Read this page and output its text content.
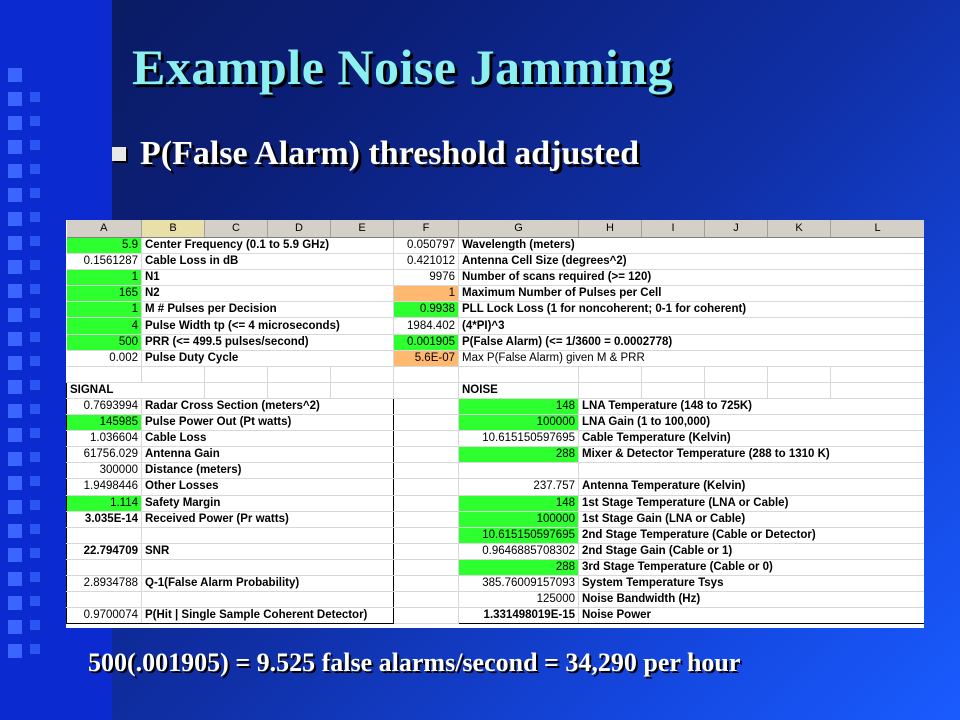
Example Noise Jamming
P(False Alarm) threshold adjusted
A	B	C	D	E	F	G	H	I	J	K	L
5.9	Center Frequency (0.1 to 5.9 GHz)				0.050797	Wavelength (meters)					
0.1561287	Cable Loss in dB				0.421012	Antenna Cell Size (degrees^2)					
1	N1				9976	Number of scans required (>= 120)					
165	N2				1	Maximum Number of Pulses per Cell					
1	M # Pulses per Decision				0.9938	PLL Lock Loss (1 for noncoherent; 0-1 for coherent)					
4	Pulse Width tp (<= 4 microseconds)				1984.402	(4*PI)^3					
500	PRR (<= 499.5 pulses/second)				0.001905	P(False Alarm) (<= 1/3600 = 0.0002778)					
0.002	Pulse Duty Cycle				5.6E-07	Max P(False Alarm) given M & PRR					

SIGNAL						NOISE					
0.7693994	Radar Cross Section (meters^2)					148	LNA Temperature (148 to 725K)				
145985	Pulse Power Out (Pt watts)					100000	LNA Gain (1 to 100,000)				
1.036604	Cable Loss					10.615150597695	Cable Temperature (Kelvin)				
61756.029	Antenna Gain					288	Mixer & Detector Temperature (288 to 1310 K)				
300000	Distance (meters)										
1.9498446	Other Losses					237.757	Antenna Temperature (Kelvin)				
1.114	Safety Margin					148	1st Stage Temperature (LNA or Cable)				
3.035E-14	Received Power (Pr watts)					100000	1st Stage Gain (LNA or Cable)				
						10.615150597695	2nd Stage Temperature (Cable or Detector)				
22.794709	SNR					0.9646885708302	2nd Stage Gain (Cable or 1)				
						288	3rd Stage Temperature (Cable or 0)				
2.8934788	Q-1(False Alarm Probability)					385.76009157093	System Temperature Tsys				
						125000	Noise Bandwidth (Hz)				
0.9700074	P(Hit | Single Sample Coherent Detector)					1.331498019E-15	Noise Power				
500(.001905) = 9.525 false alarms/second = 34,290 per hour
